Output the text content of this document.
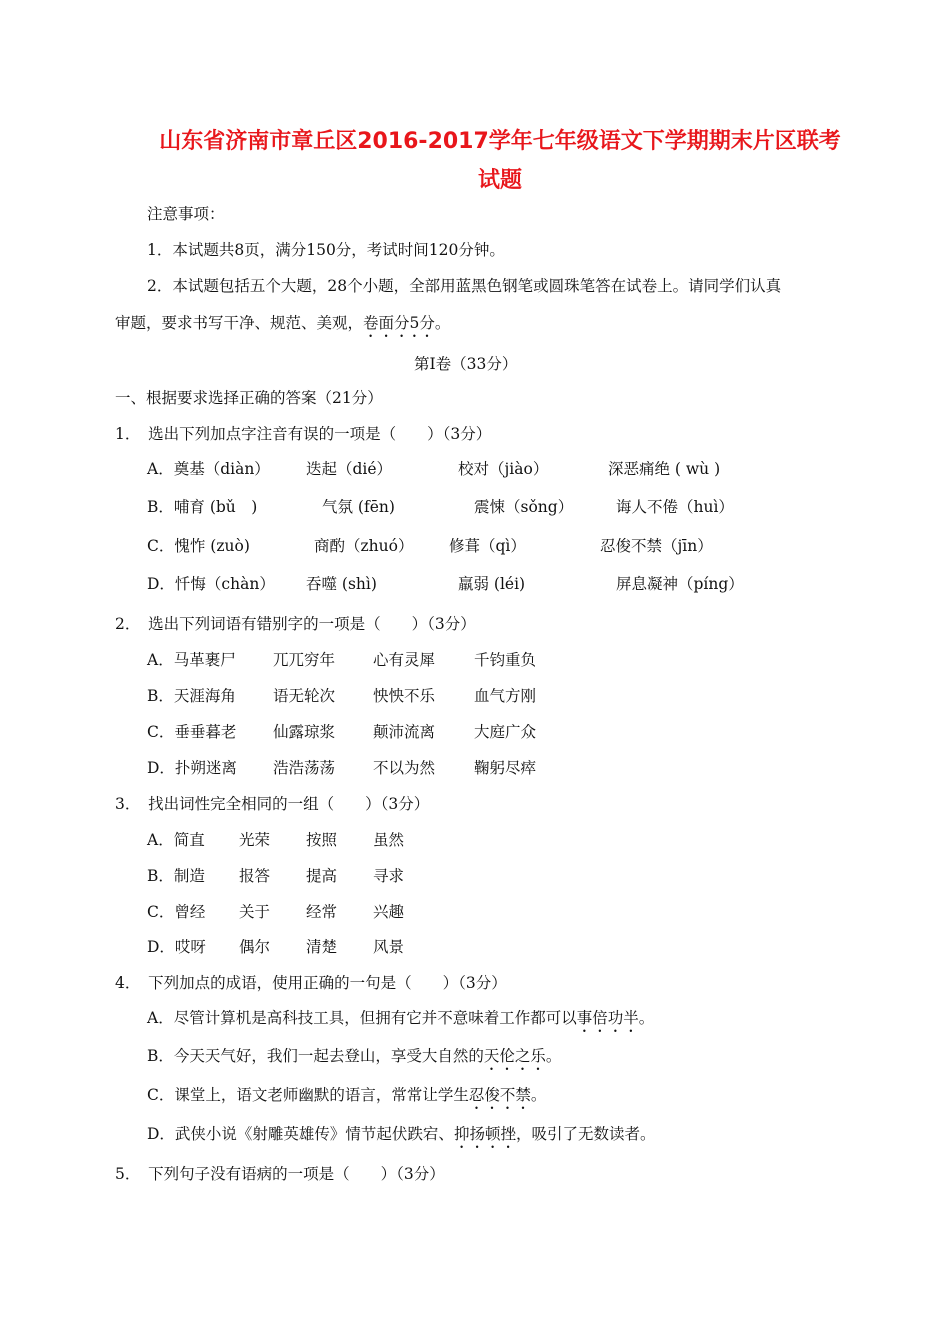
山东省济南市章丘区2016-2017学年七年级语文下学期期末片区联考
试题
注意事项：
1．本试题共8页，满分150分，考试时间120分钟。
2．本试题包括五个大题，28个小题，全部用蓝黑色钢笔或圆珠笔答在试卷上。请同学们认真
审题，要求书写干净、规范、美观，卷面分5分。
第Ⅰ卷（33分）
一、根据要求选择正确的答案（21分）
1．　选出下列加点字注音有误的一项是（　　）（3分）
A．奠基（diàn） 迭起（dié）	校对（jiào）	深恶痛绝 ( wù )
B．哺育 (bǔ　)	气氛 (fēn)	震悚（sǒng）	诲人不倦（huì）
C．愧怍 (zuò)	商酌（zhuó） 修葺（qì）	忍俊不禁（jīn）
D．忏悔（chàn） 吞噬 (shì)	羸弱 (léi)	屏息凝神（píng）
2．　选出下列词语有错别字的一项是（　　）（3分）
A．马革裹尸 兀兀穷年 心有灵犀	千钧重负
B．天涯海角 语无轮次 怏怏不乐	血气方刚
C．垂垂暮老 仙露琼浆 颠沛流离	大庭广众
D．扑朔迷离 浩浩荡荡 不以为然	鞠躬尽瘁
3．　找出词性完全相同的一组（　　）（3分）
A．简直 光荣 按照 虽然
B．制造 报答 提高 寻求
C．曾经 关于 经常 兴趣
D．哎呀 偶尔 清楚 风景
4．　下列加点的成语，使用正确的一句是（　　）（3分）
A．尽管计算机是高科技工具，但拥有它并不意味着工作都可以事倍功半。
B．今天天气好，我们一起去登山，享受大自然的天伦之乐。
C．课堂上，语文老师幽默的语言，常常让学生忍俊不禁。
D．武侠小说《射雕英雄传》情节起伏跌宕、抑扬顿挫，吸引了无数读者。
5．　下列句子没有语病的一项是（　　）（3分）
